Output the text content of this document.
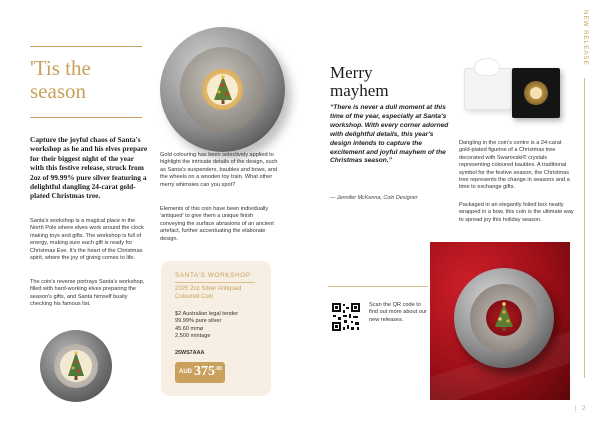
'Tis the season
Capture the joyful chaos of Santa's workshop as he and his elves prepare for their biggest night of the year with this festive release, struck from 2oz of 99.99% pure silver featuring a delightful dangling 24-carat gold-plated Christmas tree.
Santa's workshop is a magical place in the North Pole where elves work around the clock making toys and gifts. The workshop is full of energy, making sure each gift is ready for Christmas Eve. It's the heart of the Christmas spirit, where the joy of giving comes to life.
The coin's reverse portrays Santa's workshop, filled with hard-working elves preparing the season's gifts, and Santa himself busily checking his famous list.
Gold colouring has been selectively applied to highlight the intricate details of the design, such as Santa's suspenders, baubles and bows, and the wheels on a wooden toy train. What other merry whimsies can you spot?
Elements of this coin have been individually 'antiqued' to give them a unique finish conveying the surface abrasions of an ancient artefact, further accentuating the elaborate design.
SANTA'S WORKSHOP
2025 2oz Silver Antiqued Coloured Coin
$2 Australian legal tender
99.99% pure silver
45.60 mmø
2,500 mintage
25WS7AAA
AUD 375 .00
NEW RELEASE
Merry
mayhem
“There is never a dull moment at this time of the year, especially at Santa's workshop. With every corner adorned with delightful details, this year's design intends to capture the excitement and joyful mayhem of the Christmas season.”
— Jennifer McKenna, Coin Designer
Dangling in the coin's centre is a 24-carat gold-plated figurine of a Christmas tree decorated with Swarovski® crystals representing coloured baubles. A traditional symbol for the festive season, the Christmas tree represents the change in seasons and a time to exchange gifts.
Packaged in an elegantly foiled box neatly wrapped in a bow, this coin is the ultimate way to spread joy this holiday season.
Scan the QR code to find out more about our new releases.
| 2
